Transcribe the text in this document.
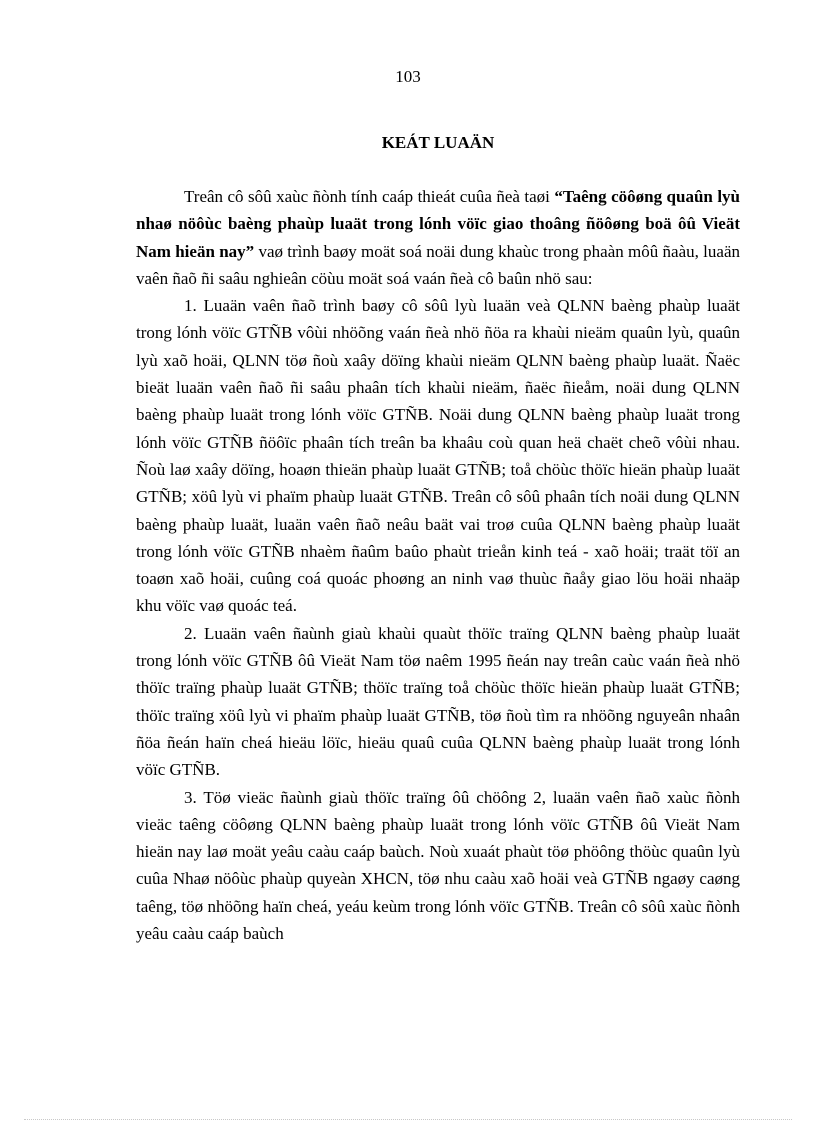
103
KEÁT LUAÄN

Treân cô sôû xaùc ñònh tính caáp thieát cuûa ñeà taøi “Taêng cöôøng quaûn lyù nhaø nöôùc baèng phaùp luaät trong lónh vöïc giao thoâng ñöôøng boä ôû Vieät Nam hieän nay” vaø trình baøy moät soá noäi dung khaùc trong phaàn môû ñaàu, luaän vaên ñaõ ñi saâu nghieân cöùu moät soá vaán ñeà cô baûn nhö sau:

1. Luaän vaên ñaõ trình baøy cô sôû lyù luaän veà QLNN baèng phaùp luaät trong lónh vöïc GTÑB vôùi nhöõng vaán ñeà nhö ñöa ra khaùi nieäm quaûn lyù, quaûn lyù xaõ hoäi, QLNN töø ñoù xaây döïng khaùi nieäm QLNN baèng phaùp luaät. Ñaëc bieät luaän vaên ñaõ ñi saâu phaân tích khaùi nieäm, ñaëc ñieåm, noäi dung QLNN baèng phaùp luaät trong lónh vöïc GTÑB. Noäi dung QLNN baèng phaùp luaät trong lónh vöïc GTÑB ñöôïc phaân tích treân ba khaâu coù quan heä chaët cheõ vôùi nhau. Ñoù laø xaây döïng, hoaøn thieän phaùp luaät GTÑB; toå chöùc thöïc hieän phaùp luaät GTÑB; xöû lyù vi phaïm phaùp luaät GTÑB. Treân cô sôû phaân tích noäi dung QLNN baèng phaùp luaät, luaän vaên ñaõ neâu baät vai troø cuûa QLNN baèng phaùp luaät trong lónh vöïc GTÑB nhaèm ñaûm baûo phaùt trieån kinh teá - xaõ hoäi; traät töï an toaøn xaõ hoäi, cuûng coá quoác phoøng an ninh vaø thuùc ñaåy giao löu hoäi nhaäp khu vöïc vaø quoác teá.

2. Luaän vaên ñaùnh giaù khaùi quaùt thöïc traïng QLNN baèng phaùp luaät trong lónh vöïc GTÑB ôû Vieät Nam töø naêm 1995 ñeán nay treân caùc vaán ñeà nhö thöïc traïng phaùp luaät GTÑB; thöïc traïng toå chöùc thöïc hieän phaùp luaät GTÑB; thöïc traïng xöû lyù vi phaïm phaùp luaät GTÑB, töø ñoù tìm ra nhöõng nguyeân nhaân ñöa ñeán haïn cheá hieäu löïc, hieäu quaû cuûa QLNN baèng phaùp luaät trong lónh vöïc GTÑB.

3. Töø vieäc ñaùnh giaù thöïc traïng ôû chöông 2, luaän vaên ñaõ xaùc ñònh vieäc taêng cöôøng QLNN baèng phaùp luaät trong lónh vöïc GTÑB ôû Vieät Nam hieän nay laø moät yeâu caàu caáp baùch. Noù xuaát phaùt töø phöông thöùc quaûn lyù cuûa Nhaø nöôùc phaùp quyeàn XHCN, töø nhu caàu xaõ hoäi veà GTÑB ngaøy caøng taêng, töø nhöõng haïn cheá, yeáu keùm trong lónh vöïc GTÑB. Treân cô sôû xaùc ñònh yeâu caàu caáp baùch
